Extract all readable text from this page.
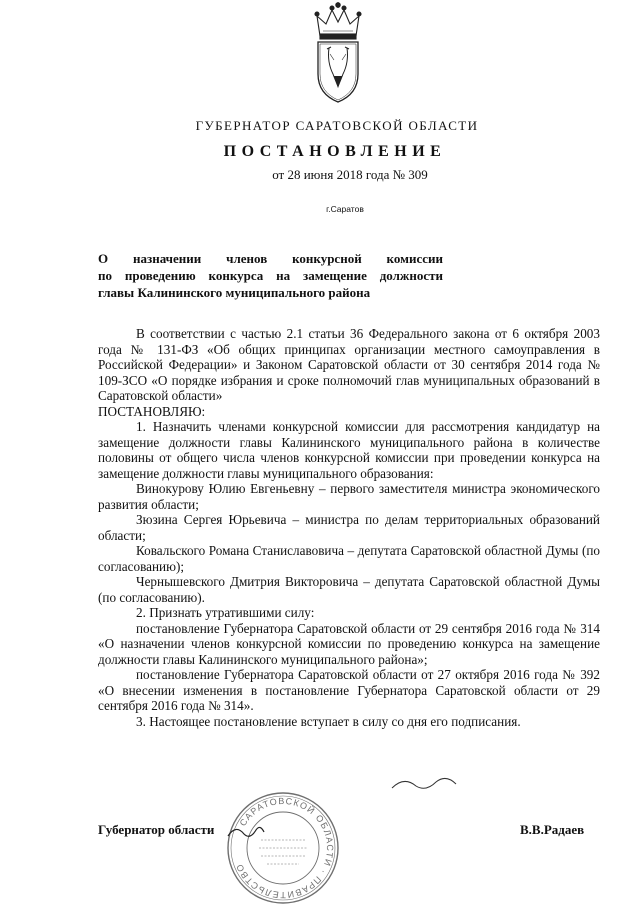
ГУБЕРНАТОР САРАТОВСКОЙ ОБЛАСТИ
ПОСТАНОВЛЕНИЕ
от 28 июня 2018 года № 309
г.Саратов
О назначении членов конкурсной комиссии
по проведению конкурса на замещение должности
главы Калининского муниципального района

В соответствии с частью 2.1 статьи 36 Федерального закона от 6 октября 2003 года № 131-ФЗ «Об общих принципах организации местного самоуправления в Российской Федерации» и Законом Саратовской области от 30 сентября 2014 года № 109-ЗСО «О порядке избрания и сроке полномочий глав муниципальных образований в Саратовской области»

ПОСТАНОВЛЯЮ:

1. Назначить членами конкурсной комиссии для рассмотрения кандидатур на замещение должности главы Калининского муниципального района в количестве половины от общего числа членов конкурсной комиссии при проведении конкурса на замещение должности главы муниципального образования:

Винокурову Юлию Евгеньевну – первого заместителя министра экономического развития области;

Зюзина Сергея Юрьевича – министра по делам территориальных образований области;

Ковальского Романа Станиславовича – депутата Саратовской областной Думы (по согласованию);

Чернышевского Дмитрия Викторовича – депутата Саратовской областной Думы (по согласованию).

2. Признать утратившими силу:

постановление Губернатора Саратовской области от 29 сентября 2016 года № 314 «О назначении членов конкурсной комиссии по проведению конкурса на замещение должности главы Калининского муниципального района»;

постановление Губернатора Саратовской области от 27 октября 2016 года № 392 «О внесении изменения в постановление Губернатора Саратовской области от 29 сентября 2016 года № 314».

3. Настоящее постановление вступает в силу со дня его подписания.

Губернатор области	В.В.Радаев
САРАТОВСКОЙ ОБЛАСТИ · ПРАВИТЕЛЬСТВО
